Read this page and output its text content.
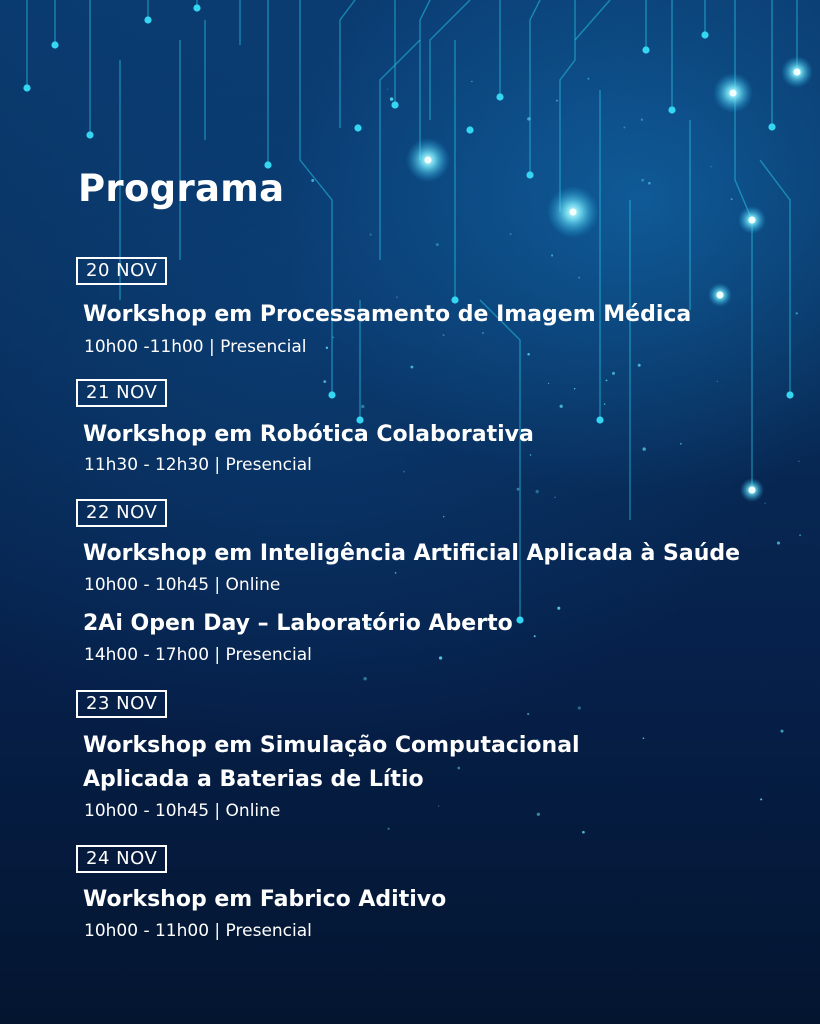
Programa
20 NOV
Workshop em Processamento de Imagem Médica
10h00 -11h00 | Presencial
21 NOV
Workshop em Robótica Colaborativa
11h30 - 12h30 | Presencial
22 NOV
Workshop em Inteligência Artificial Aplicada à Saúde
10h00 - 10h45 | Online
2Ai Open Day – Laboratório Aberto
14h00 - 17h00 | Presencial
23 NOV
Workshop em Simulação Computacional
Aplicada a Baterias de Lítio
10h00 - 10h45 | Online
24 NOV
Workshop em Fabrico Aditivo
10h00 - 11h00 | Presencial
